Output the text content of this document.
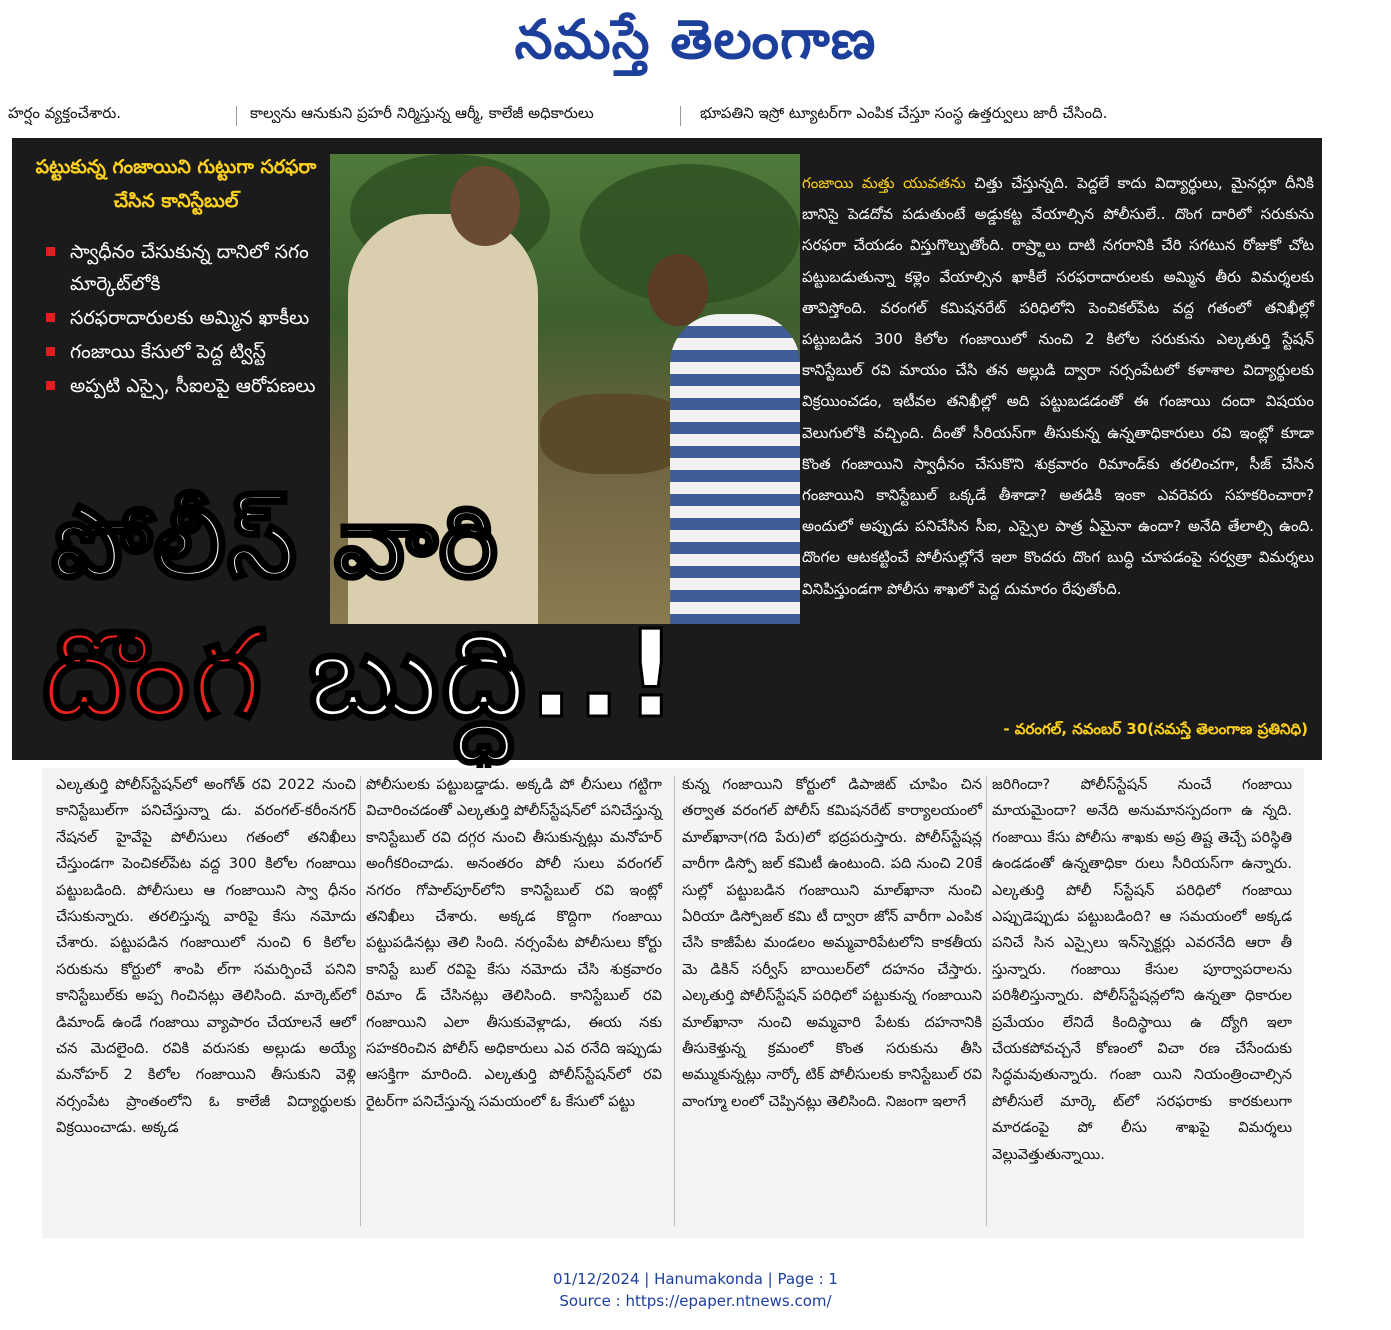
నమస్తే తెలంగాణ
హర్షం వ్యక్తంచేశారు.	కాల్వను ఆనుకుని ప్రహరీ నిర్మిస్తున్న ఆర్మీ, కాలేజీ అధికారులు	భూపతిని ఇస్రో ట్యూటర్‌గా ఎంపిక చేస్తూ సంస్థ ఉత్తర్వులు జారీ చేసింది.
పట్టుకున్న గంజాయిని గుట్టుగా సరఫరా చేసిన కానిస్టేబుల్
స్వాధీనం చేసుకున్న దానిలో సగం మార్కెట్‌లోకి
సరఫరాదారులకు అమ్మిన ఖాకీలు
గంజాయి కేసులో పెద్ద ట్విస్ట్
అప్పటి ఎస్సై, సీఐలపై ఆరోపణలు
పోలీస్ వారి
దొంగ బుద్ధి..!
గంజాయి మత్తు యువతను చిత్తు చేస్తున్నది. పెద్దలే కాదు విద్యార్థులు, మైనర్లూ దీనికి బానిసై పెడదోవ పడుతుంటే అడ్డుకట్ట వేయాల్సిన పోలీసులే.. దొంగ దారిలో సరుకును సరఫరా చేయడం విస్తుగొల్పుతోంది. రాష్ర్టాలు దాటి నగరానికి చేరి సగటున రోజుకో చోట పట్టుబడుతున్నా కళ్లెం వేయాల్సిన ఖాకీలే సరఫరాదారులకు అమ్మిన తీరు విమర్శలకు తావిస్తోంది. వరంగల్ కమిషనరేట్ పరిధిలోని పెంచికల్‌పేట వద్ద గతంలో తనిఖీల్లో పట్టుబడిన 300 కిలోల గంజాయిలో నుంచి 2 కిలోల సరుకును ఎల్కతుర్తి స్టేషన్ కానిస్టేబుల్ రవి మాయం చేసి తన అల్లుడి ద్వారా నర్సంపేటలో కళాశాల విద్యార్థులకు విక్రయించడం, ఇటీవల తనిఖీల్లో అది పట్టుబడడంతో ఈ గంజాయి దందా విషయం వెలుగులోకి వచ్చింది. దీంతో సీరియస్‌గా తీసుకున్న ఉన్నతాధికారులు రవి ఇంట్లో కూడా కొంత గంజాయిని స్వాధీనం చేసుకొని శుక్రవారం రిమాండ్‌కు తరలించగా, సీజ్ చేసిన గంజాయిని కానిస్టేబుల్ ఒక్కడే తీశాడా? అతడికి ఇంకా ఎవరెవరు సహకరించారా? అందులో అప్పుడు పనిచేసిన సీఐ, ఎస్సైల పాత్ర ఏమైనా ఉందా? అనేది తేలాల్సి ఉంది. దొంగల ఆటకట్టించే పోలీసుల్లోనే ఇలా కొందరు దొంగ బుద్ధి చూపడంపై సర్వత్రా విమర్శలు వినిపిస్తుండగా పోలీసు శాఖలో పెద్ద దుమారం రేపుతోంది.
- వరంగల్, నవంబర్ 30(నమస్తే తెలంగాణ ప్రతినిధి)

ఎల్కతుర్తి పోలీస్‌స్టేషన్‌లో అంగోత్ రవి 2022 నుంచి కానిస్టేబుల్‌గా పనిచేస్తున్నా డు. వరంగల్-కరీంనగర్ నేషనల్ హైవేపై పోలీసులు గతంలో తనిఖీలు చేస్తుండగా పెంచికల్‌పేట వద్ద 300 కిలోల గంజాయి పట్టుబడింది. పోలీసులు ఆ గంజాయిని స్వా ధీనం చేసుకున్నారు. తరలిస్తున్న వారిపై కేసు నమోదు చేశారు. పట్టుపడిన గంజాయిలో నుంచి 6 కిలోల సరుకును కోర్టులో శాంపి ల్‌గా సమర్పించే పనిని కానిస్టేబుల్‌కు అప్ప గించినట్లు తెలిసింది. మార్కెట్‌లో డిమాండ్ ఉండే గంజాయి వ్యాపారం చేయాలనే ఆలో చన మెదలైంది. రవికి వరుసకు అల్లుడు అయ్యే మనోహర్ 2 కిలోల గంజాయిని తీసుకుని వెళ్లి నర్సంపేట ప్రాంతంలోని ఓ కాలేజీ విద్యార్థులకు విక్రయించాడు. అక్కడ

పోలీసులకు పట్టుబడ్డాడు. అక్కడి పో లీసులు గట్టిగా విచారించడంతో ఎల్కతుర్తి పోలీస్‌స్టేషన్‌లో పనిచేస్తున్న కానిస్టేబుల్ రవి దగ్గర నుంచి తీసుకున్నట్లు మనోహర్ అంగీకరించాడు. అనంతరం పోలీ సులు వరంగల్ నగరం గోపాల్‌పూర్‌లోని కానిస్టేబుల్ రవి ఇంట్లో తనిఖీలు చేశారు. అక్కడ కొద్దిగా గంజాయి పట్టుపడినట్లు తెలి సింది. నర్సంపేట పోలీసులు కోర్టు కానిస్టే బుల్ రవిపై కేసు నమోదు చేసి శుక్రవారం రిమాం డ్ చేసినట్లు తెలిసింది. కానిస్టేబుల్ రవి గంజాయిని ఎలా తీసుకువెళ్లాడు, ఈయ నకు సహకరించిన పోలీస్ అధికారులు ఎవ రనేది ఇప్పుడు ఆసక్తిగా మారింది. ఎల్కతుర్తి పోలీస్‌స్టేషన్‌లో రవి రైటర్‌గా పనిచేస్తున్న సమయంలో ఓ కేసులో పట్టు

కున్న గంజాయిని కోర్టులో డిపాజిట్ చూపిం చిన తర్వాత వరంగల్ పోలీస్ కమిషనరేట్ కార్యాలయంలో మాల్‌ఖానా(గది పేరు)లో భద్రపరుస్తారు. పోలీస్‌స్టేషన్ల వారీగా డిస్పో జల్ కమిటీ ఉంటుంది. పది నుంచి 20కే సుల్లో పట్టుబడిన గంజాయిని మాల్‌ఖానా నుంచి ఏరియా డిస్పోజల్ కమి టీ ద్వారా జోన్ వారీగా ఎంపిక చేసి కాజీపేట మండలం అమ్మవారిపేటలోని కాకతీయ మె డికిన్ సర్వీస్ బాయిలర్‌లో దహనం చేస్తారు. ఎల్కతుర్తి పోలీస్‌స్టేషన్ పరిధిలో పట్టుకున్న గంజాయిని మాల్‌ఖానా నుంచి అమ్మవారి పేటకు దహనానికి తీసుకెళ్తున్న క్రమంలో కొంత సరుకును తీసి అమ్ముకున్నట్లు నార్కో టిక్ పోలీసులకు కానిస్టేబుల్ రవి వాంగ్మూ లంలో చెప్పినట్లు తెలిసింది. నిజంగా ఇలాగే

జరిగిందా? పోలీస్‌స్టేషన్ నుంచే గంజాయి మాయమైందా? అనేది అనుమానస్పదంగా ఉ న్నది. గంజాయి కేసు పోలీసు శాఖకు అప్ర తిష్ట తెచ్చే పరిస్థితి ఉండడంతో ఉన్నతాధికా రులు సీరియస్‌గా ఉన్నారు. ఎల్కతుర్తి పోలీ స్‌స్టేషన్ పరిధిలో గంజాయి ఎప్పుడెప్పుడు పట్టుబడింది? ఆ సమయంలో అక్కడ పనిచే సిన ఎస్సైలు ఇన్‌స్పెక్టర్లు ఎవరనేది ఆరా తీ స్తున్నారు. గంజాయి కేసుల పూర్వాపరాలను పరిశీలిస్తున్నారు. పోలీస్‌స్టేషన్లలోని ఉన్నతా ధికారుల ప్రమేయం లేనిదే కిందిస్థాయి ఉ ద్యోగి ఇలా చేయకపోవచ్చనే కోణంలో విచా రణ చేసేందుకు సిద్ధమవుతున్నారు. గంజా యిని నియంత్రించాల్సిన పోలీసులే మార్కె ట్‌లో సరఫరాకు కారకులుగా మారడంపై పో లీసు శాఖపై విమర్శలు వెల్లువెత్తుతున్నాయి.

01/12/2024 | Hanumakonda | Page : 1
Source : https://epaper.ntnews.com/
